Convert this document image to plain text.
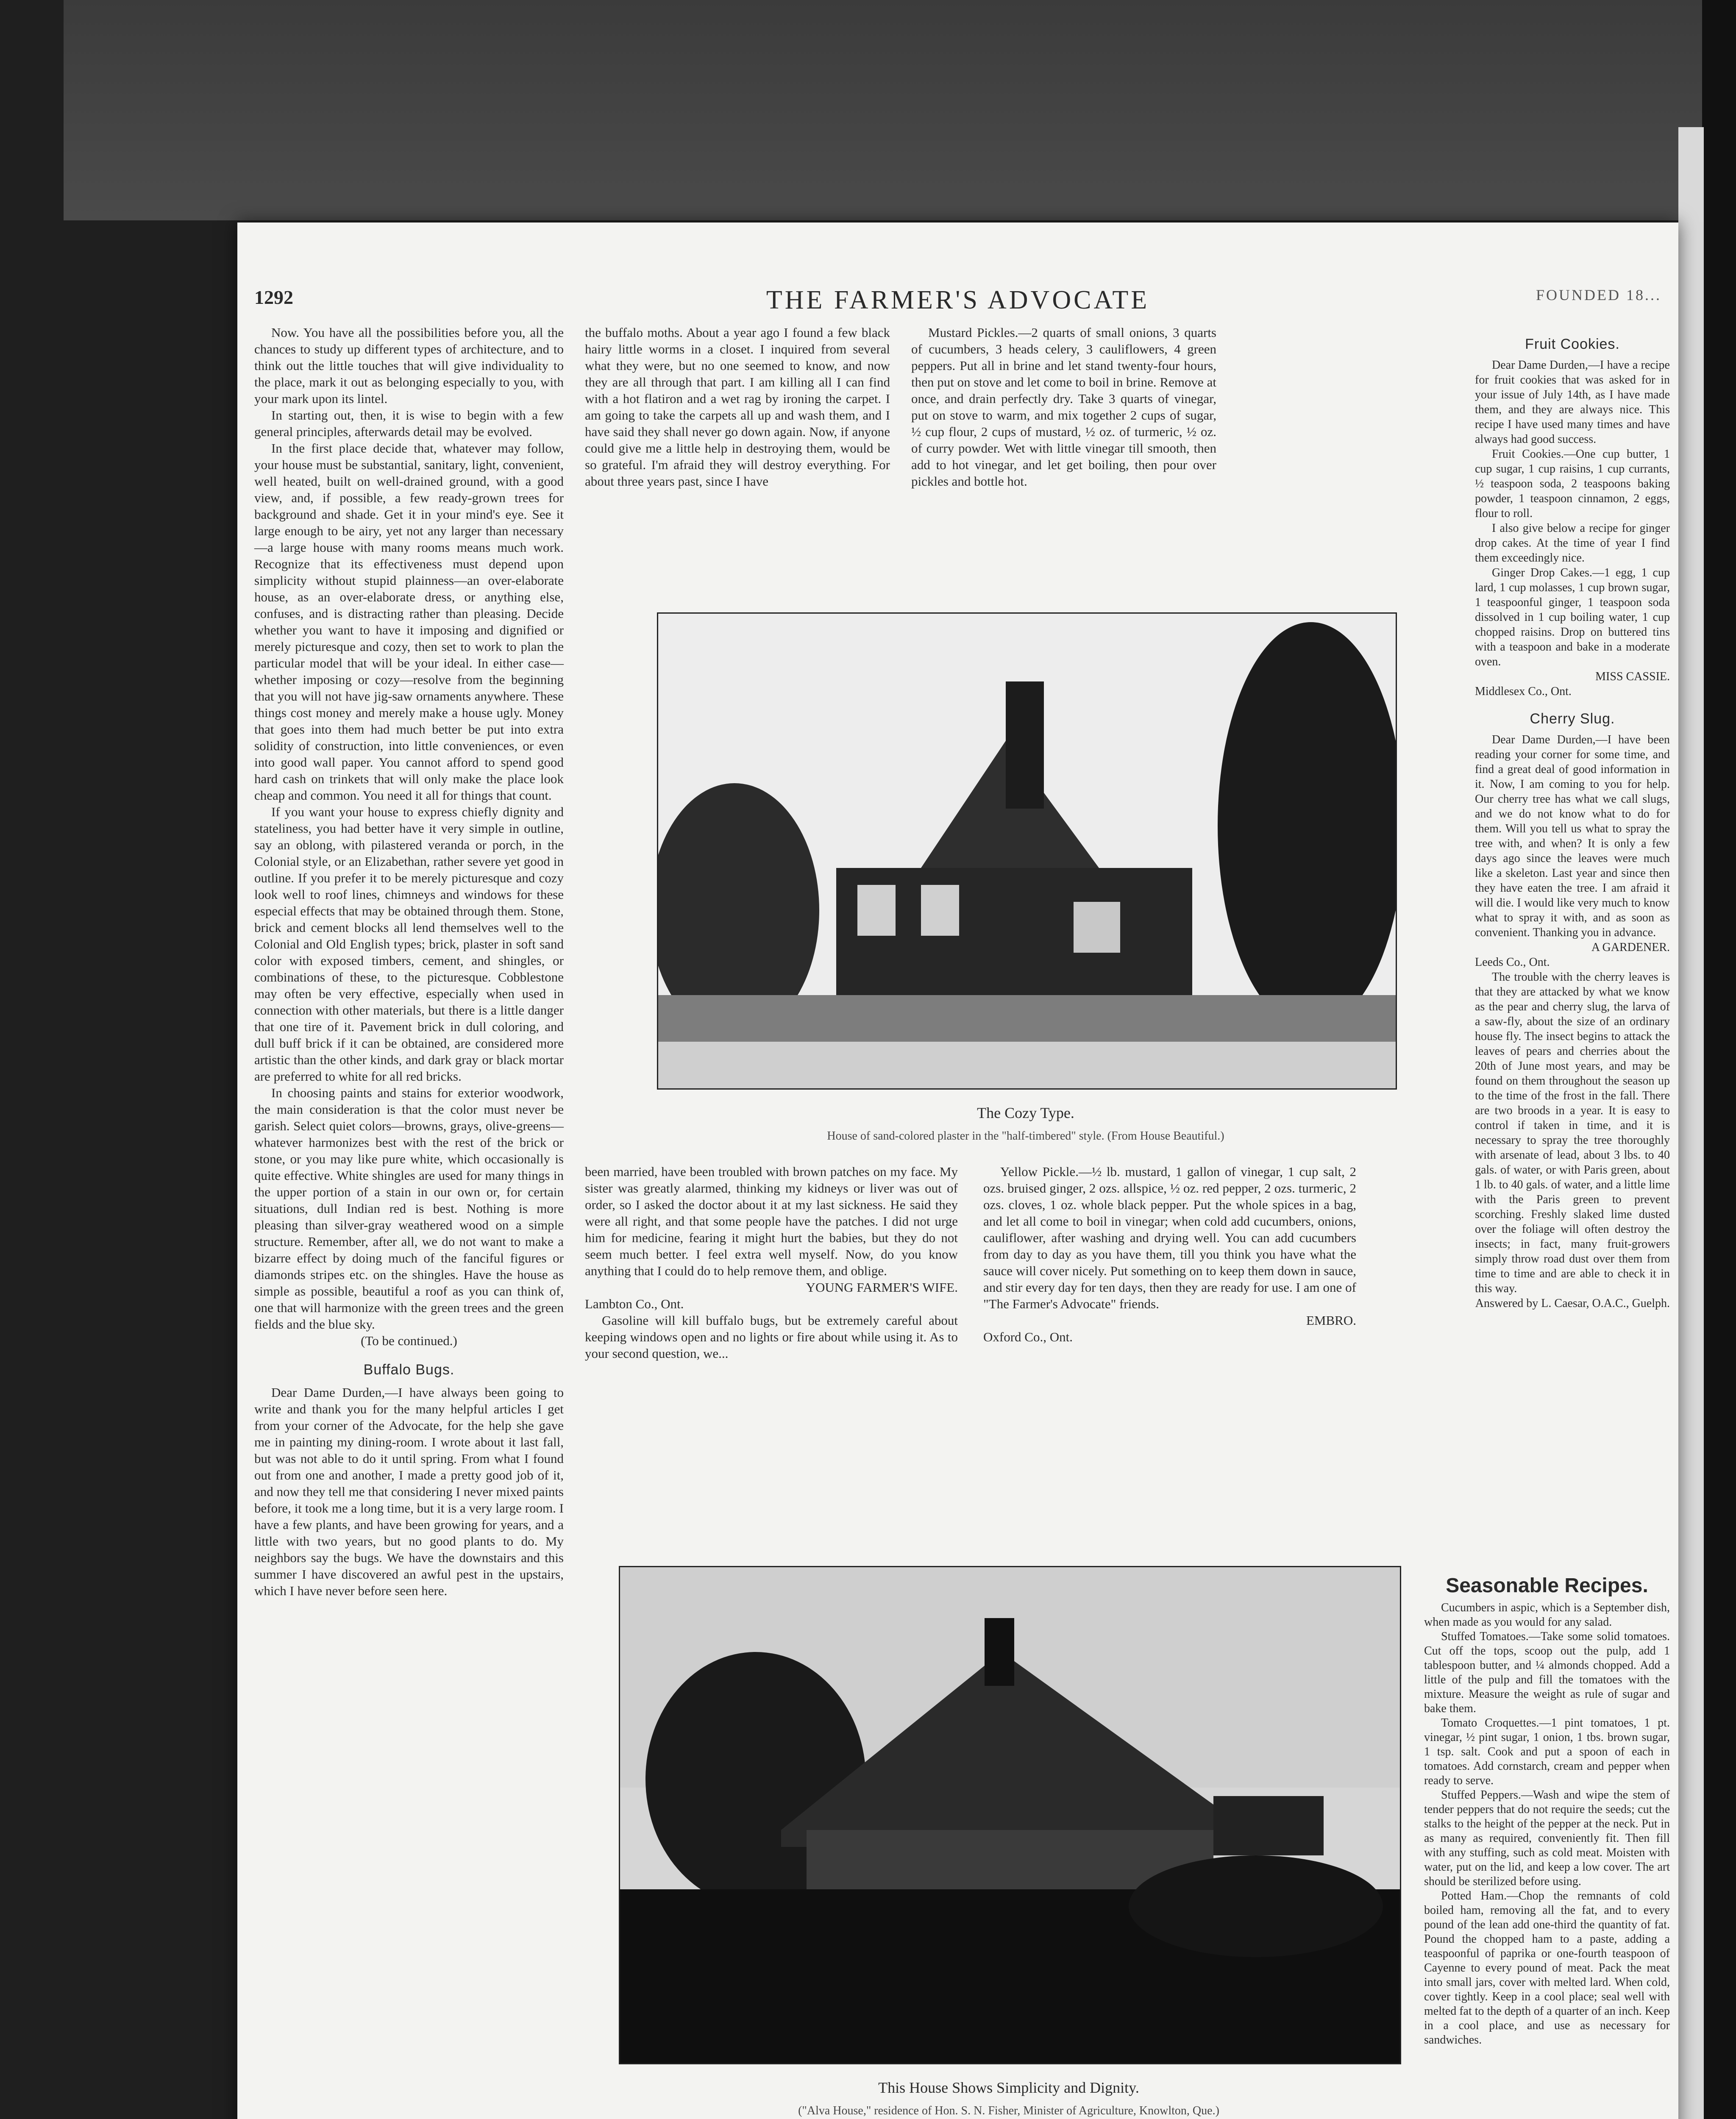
1292	THE FARMER'S ADVOCATE	FOUNDED 18...

Now. You have all the possibilities before you, all the chances to study up different types of architecture, and to think out the little touches that will give individuality to the place, mark it out as belonging especially to you, with your mark upon its lintel.

In starting out, then, it is wise to begin with a few general principles, afterwards detail may be evolved.

In the first place decide that, whatever may follow, your house must be substantial, sanitary, light, convenient, well heated, built on well-drained ground, with a good view, and, if possible, a few ready-grown trees for background and shade. Get it in your mind's eye. See it large enough to be airy, yet not any larger than necessary—a large house with many rooms means much work. Recognize that its effectiveness must depend upon simplicity without stupid plainness—an over-elaborate house, as an over-elaborate dress, or anything else, confuses, and is distracting rather than pleasing. Decide whether you want to have it imposing and dignified or merely picturesque and cozy, then set to work to plan the particular model that will be your ideal. In either case—whether imposing or cozy—resolve from the beginning that you will not have jig-saw ornaments anywhere. These things cost money and merely make a house ugly. Money that goes into them had much better be put into extra solidity of construction, into little conveniences, or even into good wall paper. You cannot afford to spend good hard cash on trinkets that will only make the place look cheap and common. You need it all for things that count.

If you want your house to express chiefly dignity and stateliness, you had better have it very simple in outline, say an oblong, with pilastered veranda or porch, in the Colonial style, or an Elizabethan, rather severe yet good in outline. If you prefer it to be merely picturesque and cozy look well to roof lines, chimneys and windows for these especial effects that may be obtained through them. Stone, brick and cement blocks all lend themselves well to the Colonial and Old English types; brick, plaster in soft sand color with exposed timbers, cement, and shingles, or combinations of these, to the picturesque. Cobblestone may often be very effective, especially when used in connection with other materials, but there is a little danger that one tire of it. Pavement brick in dull coloring, and dull buff brick if it can be obtained, are considered more artistic than the other kinds, and dark gray or black mortar are preferred to white for all red bricks.

In choosing paints and stains for exterior woodwork, the main consideration is that the color must never be garish. Select quiet colors—browns, grays, olive-greens—whatever harmonizes best with the rest of the brick or stone, or you may like pure white, which occasionally is quite effective. White shingles are used for many things in the upper portion of a stain in our own or, for certain situations, dull Indian red is best. Nothing is more pleasing than silver-gray weathered wood on a simple structure. Remember, after all, we do not want to make a bizarre effect by doing much of the fanciful figures or diamonds stripes etc. on the shingles. Have the house as simple as possible, beautiful a roof as you can think of, one that will harmonize with the green trees and the green fields and the blue sky.

(To be continued.)

Buffalo Bugs.

Dear Dame Durden,—I have always been going to write and thank you for the many helpful articles I get from your corner of the Advocate, for the help she gave me in painting my dining-room. I wrote about it last fall, but was not able to do it until spring. From what I found out from one and another, I made a pretty good job of it, and now they tell me that considering I never mixed paints before, it took me a long time, but it is a very large room. I have a few plants, and have been growing for years, and a little with two years, but no good plants to do. My neighbors say the bugs. We have the downstairs and this summer I have discovered an awful pest in the upstairs, which I have never before seen here.

the buffalo moths. About a year ago I found a few black hairy little worms in a closet. I inquired from several what they were, but no one seemed to know, and now they are all through that part. I am killing all I can find with a hot flatiron and a wet rag by ironing the carpet. I am going to take the carpets all up and wash them, and I have said they shall never go down again. Now, if anyone could give me a little help in destroying them, would be so grateful. I'm afraid they will destroy everything. For about three years past, since I have

Mustard Pickles.—2 quarts of small onions, 3 quarts of cucumbers, 3 heads celery, 3 cauliflowers, 4 green peppers. Put all in brine and let stand twenty-four hours, then put on stove and let come to boil in brine. Remove at once, and drain perfectly dry. Take 3 quarts of vinegar, put on stove to warm, and mix together 2 cups of sugar, ½ cup flour, 2 cups of mustard, ½ oz. of turmeric, ½ oz. of curry powder. Wet with little vinegar till smooth, then add to hot vinegar, and let get boiling, then pour over pickles and bottle hot.

The Cozy Type.
House of sand-colored plaster in the "half-timbered" style. (From House Beautiful.)
Fruit Cookies.

Dear Dame Durden,—I have a recipe for fruit cookies that was asked for in your issue of July 14th, as I have made them, and they are always nice. This recipe I have used many times and have always had good success.

Fruit Cookies.—One cup butter, 1 cup sugar, 1 cup raisins, 1 cup currants, ½ teaspoon soda, 2 teaspoons baking powder, 1 teaspoon cinnamon, 2 eggs, flour to roll.

I also give below a recipe for ginger drop cakes. At the time of year I find them exceedingly nice.

Ginger Drop Cakes.—1 egg, 1 cup lard, 1 cup molasses, 1 cup brown sugar, 1 teaspoonful ginger, 1 teaspoon soda dissolved in 1 cup boiling water, 1 cup chopped raisins. Drop on buttered tins with a teaspoon and bake in a moderate oven.

MISS CASSIE.

Middlesex Co., Ont.

Cherry Slug.

Dear Dame Durden,—I have been reading your corner for some time, and find a great deal of good information in it. Now, I am coming to you for help. Our cherry tree has what we call slugs, and we do not know what to do for them. Will you tell us what to spray the tree with, and when? It is only a few days ago since the leaves were much like a skeleton. Last year and since then they have eaten the tree. I am afraid it will die. I would like very much to know what to spray it with, and as soon as convenient. Thanking you in advance.

A GARDENER.

Leeds Co., Ont.

The trouble with the cherry leaves is that they are attacked by what we know as the pear and cherry slug, the larva of a saw-fly, about the size of an ordinary house fly. The insect begins to attack the leaves of pears and cherries about the 20th of June most years, and may be found on them throughout the season up to the time of the frost in the fall. There are two broods in a year. It is easy to control if taken in time, and it is necessary to spray the tree thoroughly with arsenate of lead, about 3 lbs. to 40 gals. of water, or with Paris green, about 1 lb. to 40 gals. of water, and a little lime with the Paris green to prevent scorching. Freshly slaked lime dusted over the foliage will often destroy the insects; in fact, many fruit-growers simply throw road dust over them from time to time and are able to check it in this way.

Answered by L. Caesar, O.A.C., Guelph.

been married, have been troubled with brown patches on my face. My sister was greatly alarmed, thinking my kidneys or liver was out of order, so I asked the doctor about it at my last sickness. He said they were all right, and that some people have the patches. I did not urge him for medicine, fearing it might hurt the babies, but they do not seem much better. I feel extra well myself. Now, do you know anything that I could do to help remove them, and oblige.

YOUNG FARMER'S WIFE.

Lambton Co., Ont.

Gasoline will kill buffalo bugs, but be extremely careful about keeping windows open and no lights or fire about while using it. As to your second question, we...

Yellow Pickle.—½ lb. mustard, 1 gallon of vinegar, 1 cup salt, 2 ozs. bruised ginger, 2 ozs. allspice, ½ oz. red pepper, 2 ozs. turmeric, 2 ozs. cloves, 1 oz. whole black pepper. Put the whole spices in a bag, and let all come to boil in vinegar; when cold add cucumbers, onions, cauliflower, after washing and drying well. You can add cucumbers from day to day as you have them, till you think you have what the sauce will cover nicely. Put something on to keep them down in sauce, and stir every day for ten days, then they are ready for use. I am one of "The Farmer's Advocate" friends.

EMBRO.

Oxford Co., Ont.

This House Shows Simplicity and Dignity.
("Alva House," residence of Hon. S. N. Fisher, Minister of Agriculture, Knowlton, Que.)

Seasonable Recipes.

Cucumbers in aspic, which is a September dish, when made as you would for any salad.

Stuffed Tomatoes.—Take some solid tomatoes. Cut off the tops, scoop out the pulp, add 1 tablespoon butter, and ¼ almonds chopped. Add a little of the pulp and fill the tomatoes with the mixture. Measure the weight as rule of sugar and bake them.

Tomato Croquettes.—1 pint tomatoes, 1 pt. vinegar, ½ pint sugar, 1 onion, 1 tbs. brown sugar, 1 tsp. salt. Cook and put a spoon of each in tomatoes. Add cornstarch, cream and pepper when ready to serve.

Stuffed Peppers.—Wash and wipe the stem of tender peppers that do not require the seeds; cut the stalks to the height of the pepper at the neck. Put in as many as required, conveniently fit. Then fill with any stuffing, such as cold meat. Moisten with water, put on the lid, and keep a low cover. The art should be sterilized before using.

Potted Ham.—Chop the remnants of cold boiled ham, removing all the fat, and to every pound of the lean add one-third the quantity of fat. Pound the chopped ham to a paste, adding a teaspoonful of paprika or one-fourth teaspoon of Cayenne to every pound of meat. Pack the meat into small jars, cover with melted lard. When cold, cover tightly. Keep in a cool place; seal well with melted fat to the depth of a quarter of an inch. Keep in a cool place, and use as necessary for sandwiches.
